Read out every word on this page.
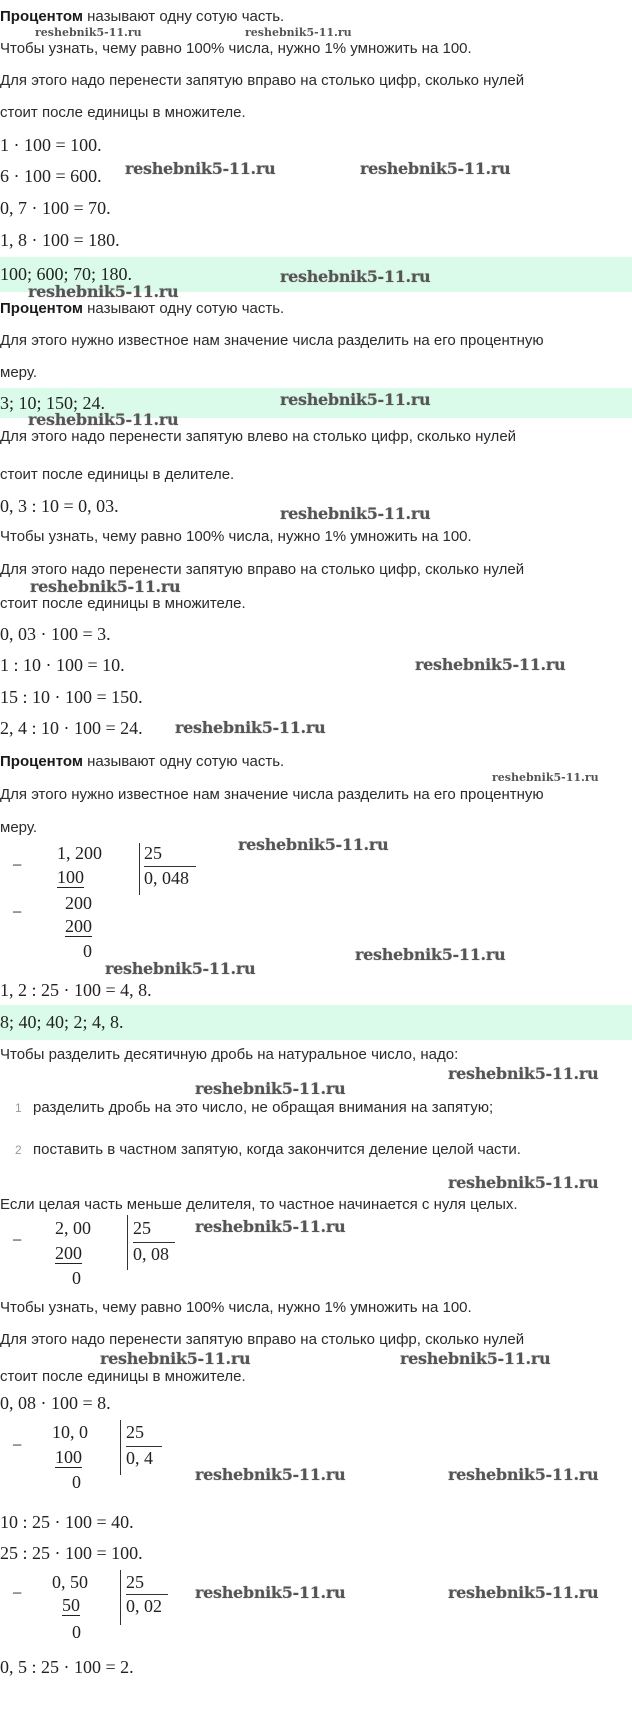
Процентом называют одну сотую часть.
reshebnik5-11.ru	reshebnik5-11.ru
Чтобы узнать, чему равно 100% числа, нужно 1% умножить на 100.
Для этого надо перенести запятую вправо на столько цифр, сколько нулей
стоит после единицы в множителе.
1 · 100 = 100.
6 · 100 = 600. reshebnik5-11.ru	reshebnik5-11.ru
0, 7 · 100 = 70.
1, 8 · 100 = 180.
100; 600; 70; 180.	reshebnik5-11.ru
reshebnik5-11.ru
Процентом называют одну сотую часть.
Для этого нужно известное нам значение числа разделить на его процентную
меру.
3; 10; 150; 24.	reshebnik5-11.ru
reshebnik5-11.ru
Для этого надо перенести запятую влево на столько цифр, сколько нулей
стоит после единицы в делителе.
0, 3 : 10 = 0, 03.	reshebnik5-11.ru
Чтобы узнать, чему равно 100% числа, нужно 1% умножить на 100.
Для этого надо перенести запятую вправо на столько цифр, сколько нулей
reshebnik5-11.ru
стоит после единицы в множителе.
0, 03 · 100 = 3.
1 : 10 · 100 = 10.	reshebnik5-11.ru
15 : 10 · 100 = 150.
2, 4 : 10 · 100 = 24. reshebnik5-11.ru
Процентом называют одну сотую часть.
reshebnik5-11.ru
Для этого нужно известное нам значение числа разделить на его процентную
меру.
−
1, 200
100
200
−
200
0
25
0, 048
reshebnik5-11.ru
reshebnik5-11.ru
reshebnik5-11.ru
1, 2 : 25 · 100 = 4, 8.
8; 40; 40; 2; 4, 8.
Чтобы разделить десятичную дробь на натуральное число, надо:
reshebnik5-11.ru
reshebnik5-11.ru
1 разделить дробь на это число, не обращая внимания на запятую;
2 поставить в частном запятую, когда закончится деление целой части.
reshebnik5-11.ru
Если целая часть меньше делителя, то частное начинается с нуля целых.
−
2, 00
200
0
25
0, 08
reshebnik5-11.ru
Чтобы узнать, чему равно 100% числа, нужно 1% умножить на 100.
Для этого надо перенести запятую вправо на столько цифр, сколько нулей
reshebnik5-11.ru	reshebnik5-11.ru
стоит после единицы в множителе.
0, 08 · 100 = 8.
−
10, 0
100
0
25
0, 4
reshebnik5-11.ru	reshebnik5-11.ru
10 : 25 · 100 = 40.
25 : 25 · 100 = 100.
−
0, 50
50
0
25
0, 02
reshebnik5-11.ru	reshebnik5-11.ru
0, 5 : 25 · 100 = 2.
